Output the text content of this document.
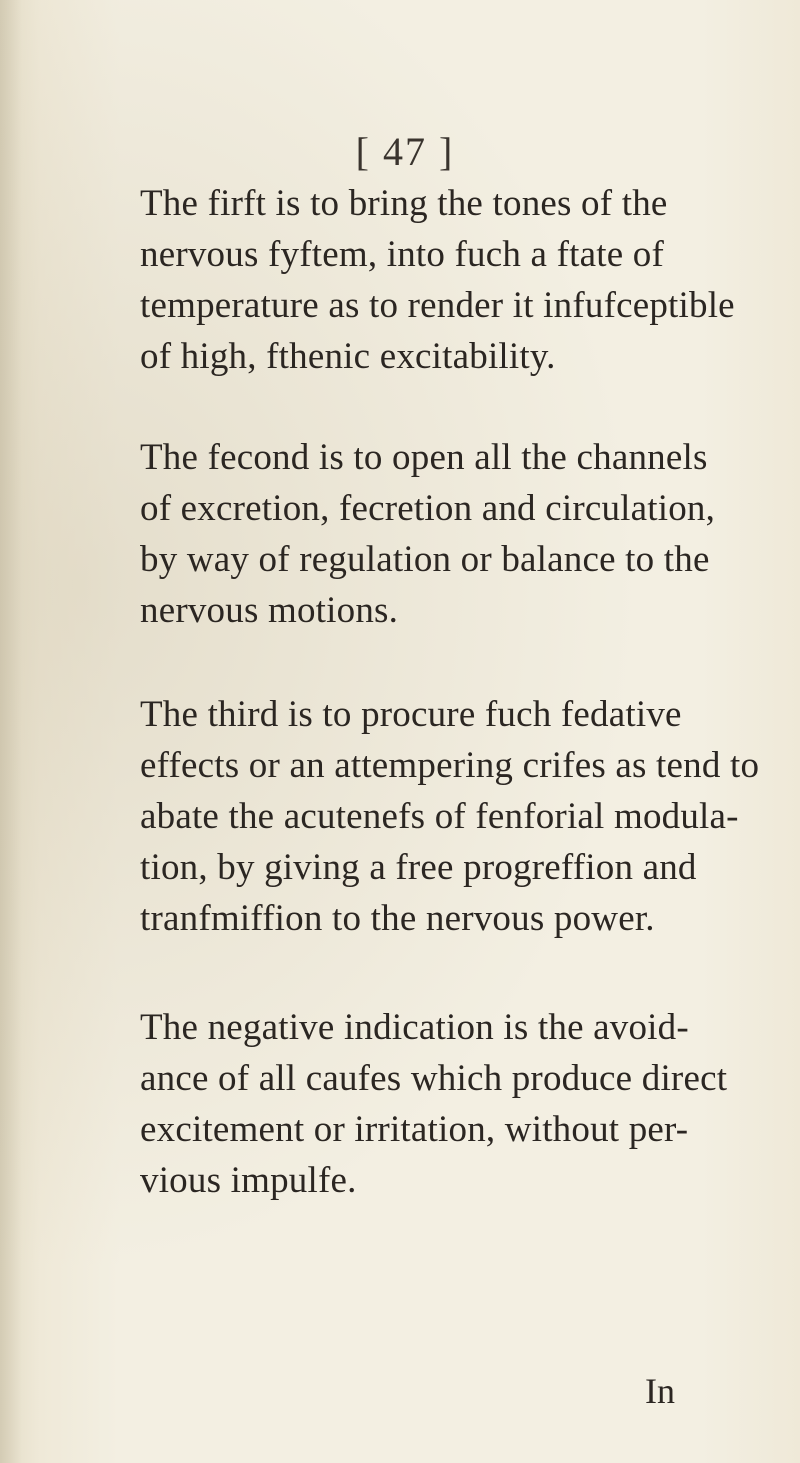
[ 47 ]
The firft is to bring the tones of the
nervous fyftem, into fuch a ftate of
temperature as to render it infufceptible
of high, fthenic excitability.
The fecond is to open all the channels
of excretion, fecretion and circulation,
by way of regulation or balance to the
nervous motions.
The third is to procure fuch fedative
effects or an attempering crifes as tend to
abate the acutenefs of fenforial modula-
tion, by giving a free progreffion and
tranfmiffion to the nervous power.
The negative indication is the avoid-
ance of all caufes which produce direct
excitement or irritation, without per-
vious impulfe.
In
